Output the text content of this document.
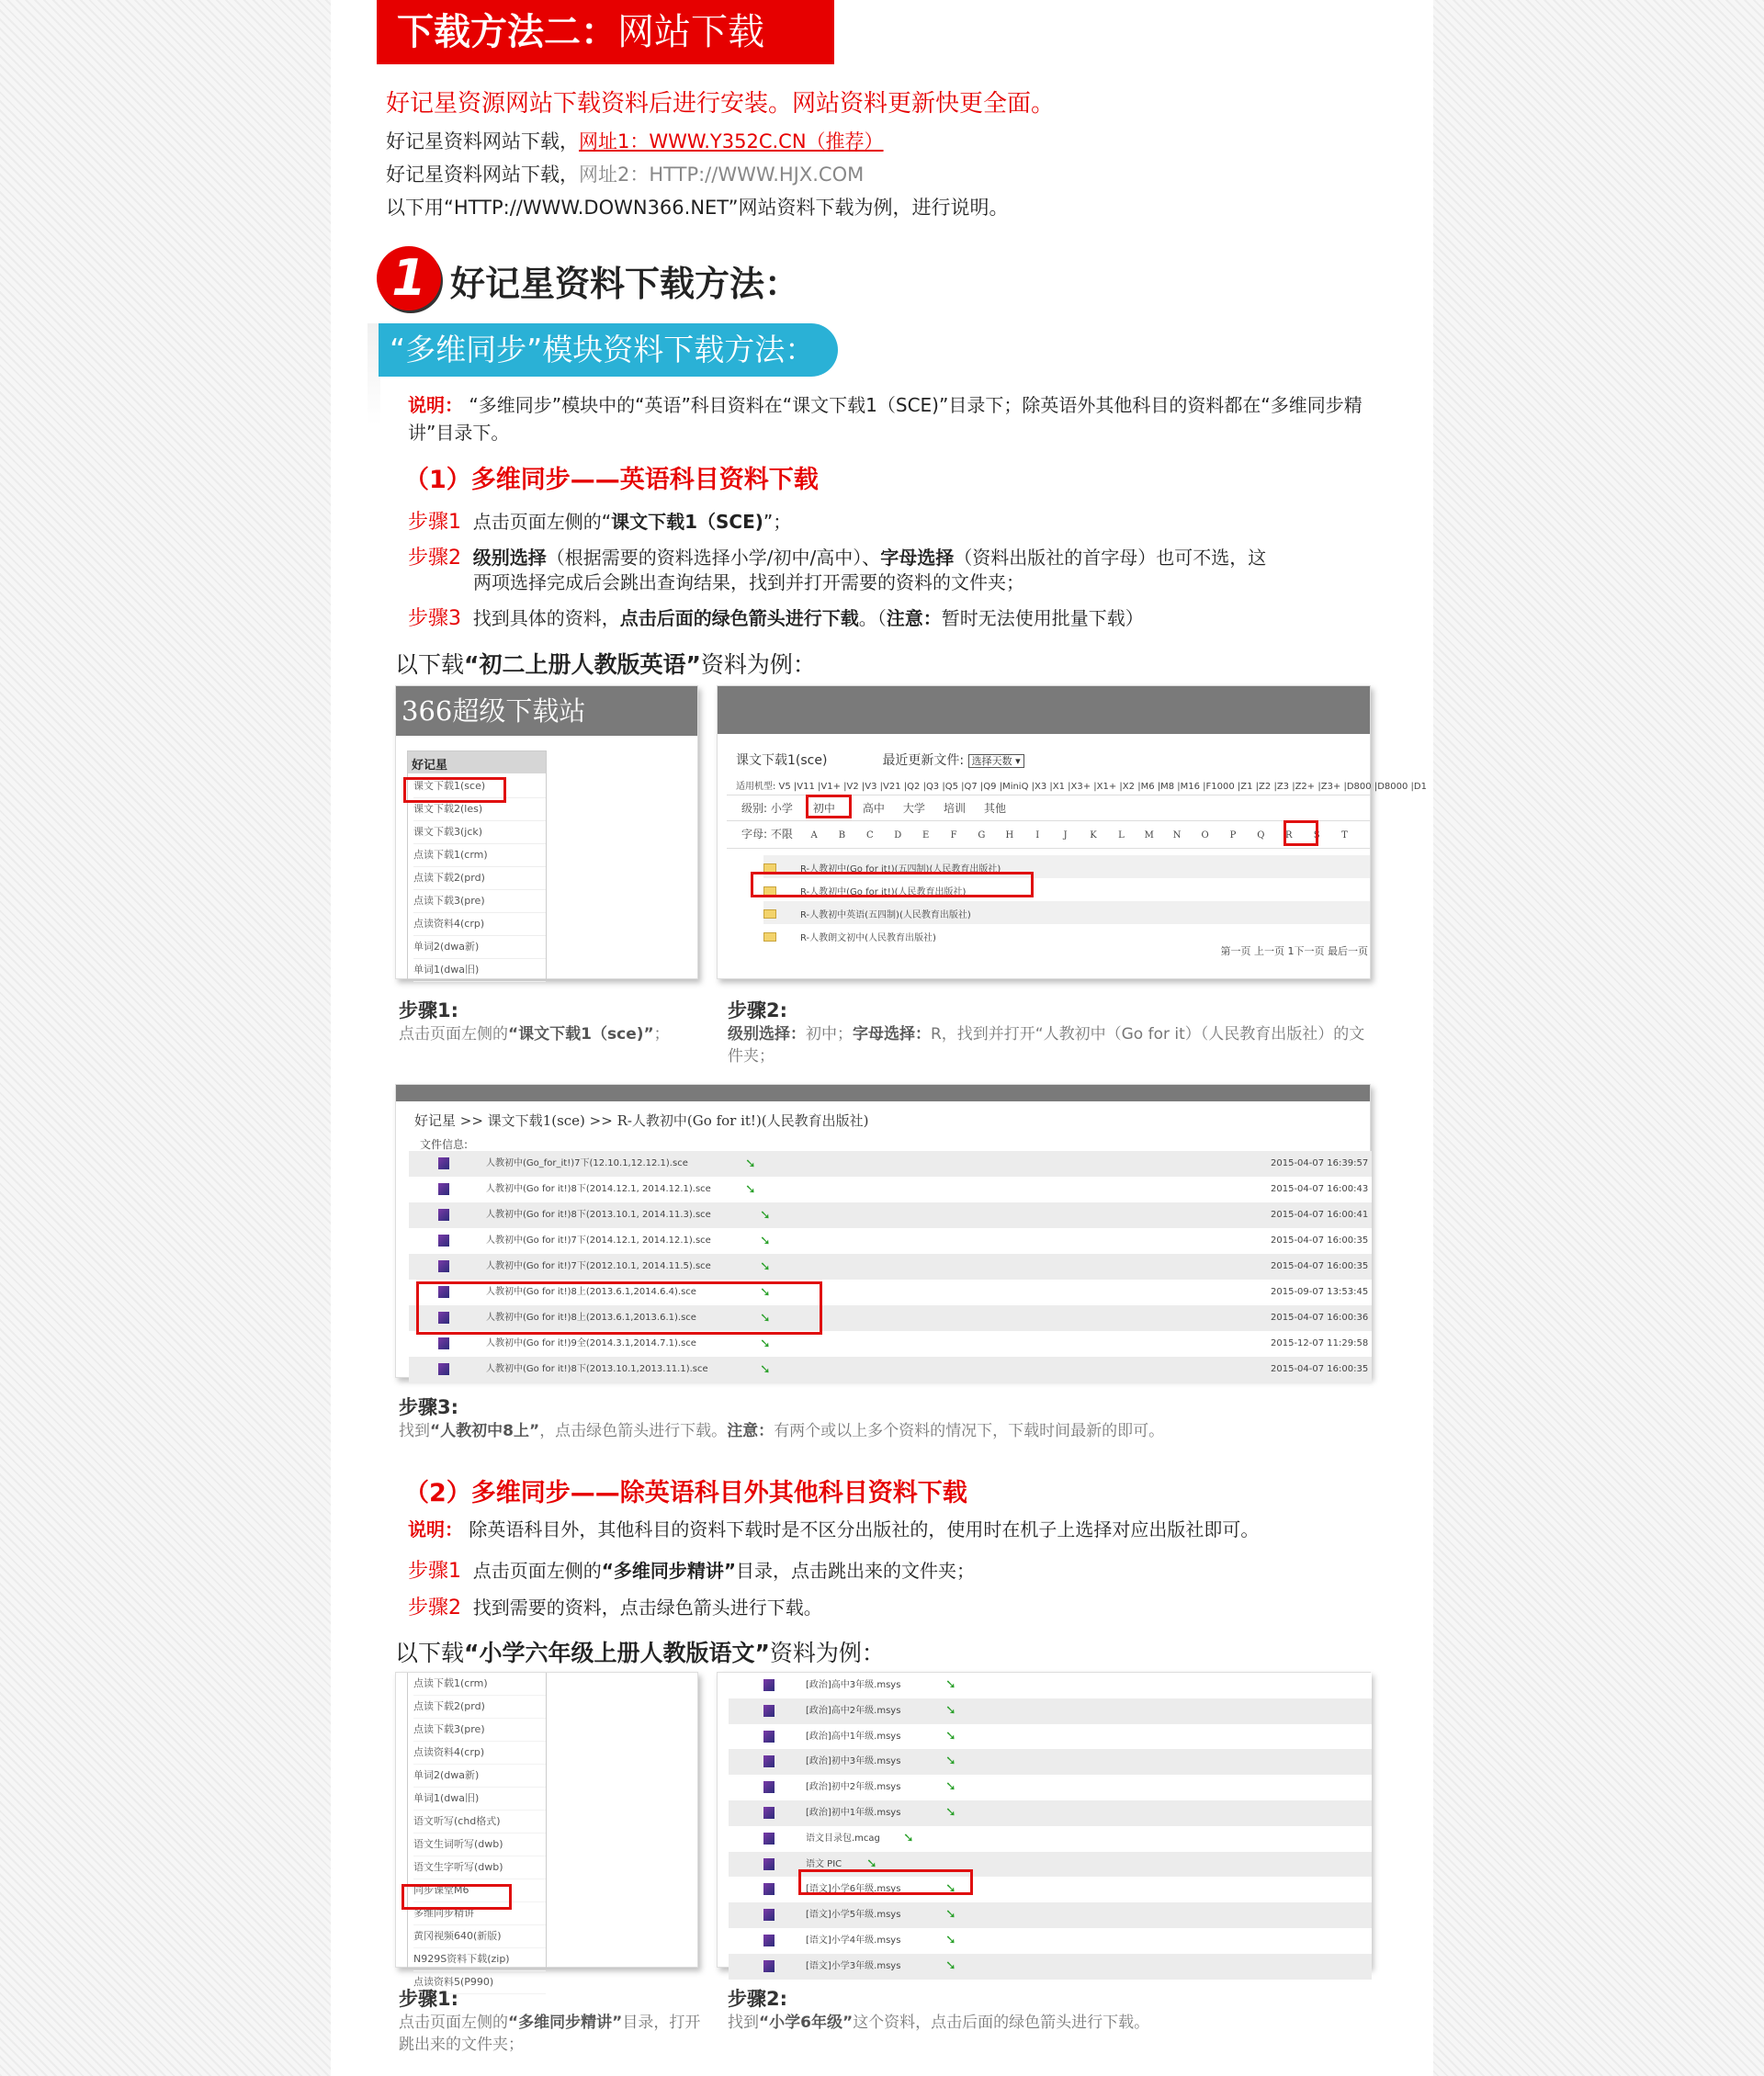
下载方法二：网站下载
好记星资源网站下载资料后进行安装。网站资料更新快更全面。
好记星资料网站下载，网址1：WWW.Y352C.CN（推荐）
好记星资料网站下载，网址2：HTTP://WWW.HJX.COM
以下用“HTTP://WWW.DOWN366.NET”网站资料下载为例，进行说明。
1 好记星资料下载方法：
“多维同步”模块资料下载方法：
说明： “多维同步”模块中的“英语”科目资料在“课文下载1（SCE)”目录下；除英语外其他科目的资料都在“多维同步精讲”目录下。
（1）多维同步——英语科目资料下载
步骤1 点击页面左侧的“课文下载1（SCE)”；
步骤2 级别选择（根据需要的资料选择小学/初中/高中）、字母选择（资料出版社的首字母）也可不选，这
两项选择完成后会跳出查询结果，找到并打开需要的资料的文件夹；
步骤3 找到具体的资料，点击后面的绿色箭头进行下载。（注意：暂时无法使用批量下载）
以下载“初二上册人教版英语”资料为例：
366超级下载站
好记星
课文下载1(sce)
课文下载2(les)
课文下载3(jck)
点读下载1(crm)
点读下载2(prd)
点读下载3(pre)
点读资料4(crp)
单词2(dwa新)
单词1(dwa旧)
课文下载1(sce)	最近更新文件: 选择天数 ▾
适用机型: V5 |V11 |V1+ |V2 |V3 |V21 |Q2 |Q3 |Q5 |Q7 |Q9 |MiniQ |X3 |X1 |X3+ |X1+ |X2 |M6 |M8 |M16 |F1000 |Z1 |Z2 |Z3 |Z2+ |Z3+ |D800 |D8000 |D1
级别: 小学 初中	高中 大学 培训 其他
字母: 不限 A B C D E F G H I	J K L M N O P Q R S T
R-人教初中(Go for it!)(五四制)(人民教育出版社)
R-人教初中(Go for it!)(人民教育出版社)
R-人教初中英语(五四制)(人民教育出版社)
R-人教朗文初中(人民教育出版社)
第一页 上一页 1下一页 最后一页
步骤1:
点击页面左侧的“课文下载1（sce)”；
步骤2:
级别选择：初中；字母选择：R，找到并打开“人教初中（Go for it）（人民教育出版社）的文件夹；
好记星 >> 课文下载1(sce) >> R-人教初中(Go for it!)(人民教育出版社)
文件信息:
人教初中(Go_for_it!)7下(12.10.1,12.12.1).sce	➘	2015-04-07 16:39:57
人教初中(Go for it!)8下(2014.12.1, 2014.12.1).sce	➘	2015-04-07 16:00:43
人教初中(Go for it!)8下(2013.10.1, 2014.11.3).sce	➘	2015-04-07 16:00:41
人教初中(Go for it!)7下(2014.12.1, 2014.12.1).sce	➘	2015-04-07 16:00:35
人教初中(Go for it!)7下(2012.10.1, 2014.11.5).sce	➘	2015-04-07 16:00:35
人教初中(Go for it!)8上(2013.6.1,2014.6.4).sce	➘	2015-09-07 13:53:45
人教初中(Go for it!)8上(2013.6.1,2013.6.1).sce	➘	2015-04-07 16:00:36
人教初中(Go for it!)9全(2014.3.1,2014.7.1).sce	➘	2015-12-07 11:29:58
人教初中(Go for it!)8下(2013.10.1,2013.11.1).sce	➘	2015-04-07 16:00:35
步骤3:
找到“人教初中8上”，点击绿色箭头进行下载。注意：有两个或以上多个资料的情况下，下载时间最新的即可。
（2）多维同步——除英语科目外其他科目资料下载
说明： 除英语科目外，其他科目的资料下载时是不区分出版社的，使用时在机子上选择对应出版社即可。
步骤1 点击页面左侧的“多维同步精讲”目录，点击跳出来的文件夹；
步骤2 找到需要的资料，点击绿色箭头进行下载。
以下载“小学六年级上册人教版语文”资料为例：
点读下载1(crm)
点读下载2(prd)
点读下载3(pre)
点读资料4(crp)
单词2(dwa新)
单词1(dwa旧)
语文听写(chd格式)
语文生词听写(dwb)
语文生字听写(dwb)
同步课堂M6
多维同步精讲
黄冈视频640(新版)
N929S资料下载(zip)
点读资料5(P990)
[政治]高中3年级.msys	➘
[政治]高中2年级.msys	➘
[政治]高中1年级.msys	➘
[政治]初中3年级.msys	➘
[政治]初中2年级.msys	➘
[政治]初中1年级.msys	➘
语文目录包.mcag ➘
语文 PIC ➘
[语文]小学6年级.msys	➘
[语文]小学5年级.msys	➘
[语文]小学4年级.msys	➘
[语文]小学3年级.msys	➘
步骤1:
点击页面左侧的“多维同步精讲”目录，打开跳出来的文件夹；
步骤2:
找到“小学6年级”这个资料，点击后面的绿色箭头进行下载。
